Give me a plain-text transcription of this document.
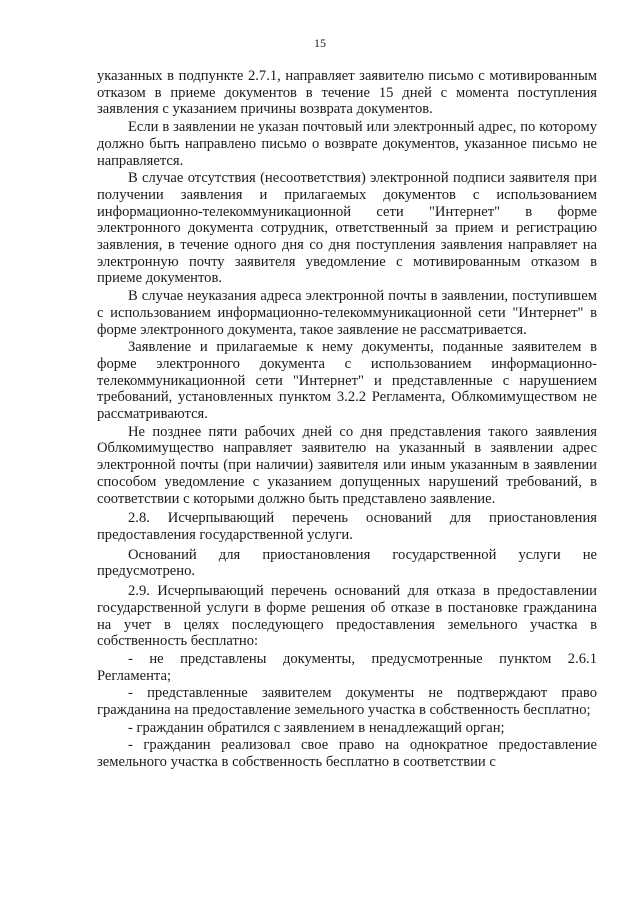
15

указанных в подпункте 2.7.1, направляет заявителю письмо с мотивированным отказом в приеме документов в течение 15 дней с момента поступления заявления с указанием причины возврата документов.

Если в заявлении не указан почтовый или электронный адрес, по которому должно быть направлено письмо о возврате документов, указанное письмо не направляется.

В случае отсутствия (несоответствия) электронной подписи заявителя при получении заявления и прилагаемых документов с использованием информационно-телекоммуникационной сети "Интернет" в форме электронного документа сотрудник, ответственный за прием и регистрацию заявления, в течение одного дня со дня поступления заявления направляет на электронную почту заявителя уведомление с мотивированным отказом в приеме документов.

В случае неуказания адреса электронной почты в заявлении, поступившем с использованием информационно-телекоммуникационной сети "Интернет" в форме электронного документа, такое заявление не рассматривается.

Заявление и прилагаемые к нему документы, поданные заявителем в форме электронного документа с использованием информационно-телекоммуникационной сети "Интернет" и представленные с нарушением требований, установленных пунктом 3.2.2 Регламента, Облкомимуществом не рассматриваются.

Не позднее пяти рабочих дней со дня представления такого заявления Облкомимущество направляет заявителю на указанный в заявлении адрес электронной почты (при наличии) заявителя или иным указанным в заявлении способом уведомление с указанием допущенных нарушений требований, в соответствии с которыми должно быть представлено заявление.

2.8. Исчерпывающий перечень оснований для приостановления предоставления государственной услуги.

Оснований для приостановления государственной услуги не предусмотрено.

2.9. Исчерпывающий перечень оснований для отказа в предоставлении государственной услуги в форме решения об отказе в постановке гражданина на учет в целях последующего предоставления земельного участка в собственность бесплатно:

- не представлены документы, предусмотренные пунктом 2.6.1 Регламента;

- представленные заявителем документы не подтверждают право гражданина на предоставление земельного участка в собственность бесплатно;

- гражданин обратился с заявлением в ненадлежащий орган;

- гражданин реализовал свое право на однократное предоставление земельного участка в собственность бесплатно в соответствии с
